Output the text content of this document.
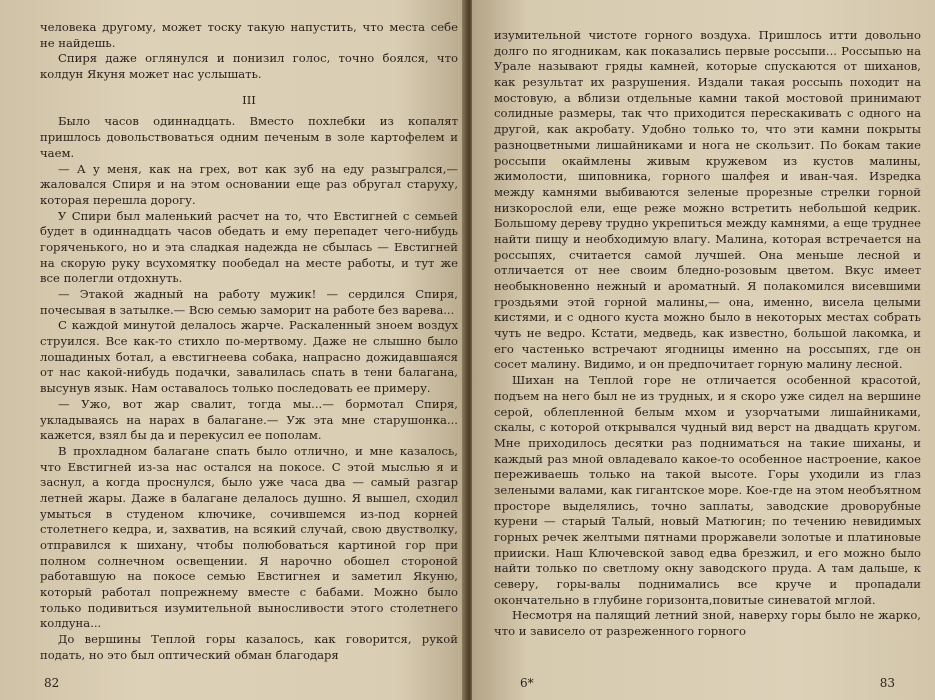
человека другому, может тоску такую напустить, что места себе не найдешь.

Спиря даже оглянулся и понизил голос, точно боялся, что колдун Якуня может нас услышать.

III

Было часов одиннадцать. Вместо похлебки из копалят пришлось довольствоваться одним печеным в золе картофелем и чаем.

— А у меня, как на грех, вот как зуб на еду разыгрался,— жаловался Спиря и на этом основании еще раз обругал старуху, которая перешла дорогу.

У Спири был маленький расчет на то, что Евстигней с семьей будет в одиннадцать часов обедать и ему перепадет чего-нибудь горяченького, но и эта сладкая надежда не сбылась — Евстигней на скорую руку всухомятку пообедал на месте работы, и тут же все полегли отдохнуть.

— Этакой жадный на работу мужик! — сердился Спиря, почесывая в затылке.— Всю семью заморит на работе без варева...

С каждой минутой делалось жарче. Раскаленный зноем воздух струился. Все как-то стихло по-мертвому. Даже не слышно было лошадиных ботал, а евстигнеева собака, напрасно дожидавшаяся от нас какой-нибудь подачки, завалилась спать в тени балагана, высунув язык. Нам оставалось только последовать ее примеру.

— Ужо, вот жар свалит, тогда мы...— бормотал Спиря, укладываясь на нарах в балагане.— Уж эта мне старушонка... кажется, взял бы да и перекусил ее пополам.

В прохладном балагане спать было отлично, и мне казалось, что Евстигней из-за нас остался на покосе. С этой мыслью я и заснул, а когда проснулся, было уже часа два — самый разгар летней жары. Даже в балагане делалось душно. Я вышел, сходил умыться в студеном ключике, сочившемся из-под корней столетнего кедра, и, захватив, на всякий случай, свою двустволку, отправился к шихану, чтобы полюбоваться картиной гор при полном солнечном освещении. Я нарочно обошел стороной работавшую на покосе семью Евстигнея и заметил Якуню, который работал попрежнему вместе с бабами. Можно было только подивиться изумительной выносливости этого столетнего колдуна...

До вершины Теплой горы казалось, как говорится, рукой подать, но это был оптический обман благодаря

82

изумительной чистоте горного воздуха. Пришлось итти довольно долго по ягодникам, как показались первые россыпи... Россыпью на Урале называют гряды камней, которые спускаются от шиханов, как результат их разрушения. Издали такая россыпь походит на мостовую, а вблизи отдельные камни такой мостовой принимают солидные размеры, так что приходится перескакивать с одного на другой, как акробату. Удобно только то, что эти камни покрыты разноцветными лишайниками и нога не скользит. По бокам такие россыпи окаймлены живым кружевом из кустов малины, жимолости, шиповника, горного шалфея и иван-чая. Изредка между камнями выбиваются зеленые прорезные стрелки горной низкорослой ели, еще реже можно встретить небольшой кедрик. Большому дереву трудно укрепиться между камнями, а еще труднее найти пищу и необходимую влагу. Малина, которая встречается на россыпях, считается самой лучшей. Она меньше лесной и отличается от нее своим бледно-розовым цветом. Вкус имеет необыкновенно нежный и ароматный. Я полакомился висевшими гроздьями этой горной малины,— она, именно, висела целыми кистями, и с одного куста можно было в некоторых местах собрать чуть не ведро. Кстати, медведь, как известно, большой лакомка, и его частенько встречают ягодницы именно на россыпях, где он сосет малину. Видимо, и он предпочитает горную малину лесной.

Шихан на Теплой горе не отличается особенной красотой, подъем на него был не из трудных, и я скоро уже сидел на вершине серой, облепленной белым мхом и узорчатыми лишайниками, скалы, с которой открывался чудный вид верст на двадцать кругом. Мне приходилось десятки раз подниматься на такие шиханы, и каждый раз мной овладевало какое-то особенное настроение, какое переживаешь только на такой высоте. Горы уходили из глаз зелеными валами, как гигантское море. Кое-где на этом необъятном просторе выделялись, точно заплаты, заводские дроворубные курени — старый Талый, новый Матюгин; по течению невидимых горных речек желтыми пятнами проржавели золотые и платиновые прииски. Наш Ключевской завод едва брезжил, и его можно было найти только по светлому окну заводского пруда. А там дальше, к северу, горы-валы поднимались все круче и пропадали окончательно в глубине горизонта,повитые синеватой мглой.

Несмотря на палящий летний зной, наверху горы было не жарко, что и зависело от разреженного горного

6*	83
